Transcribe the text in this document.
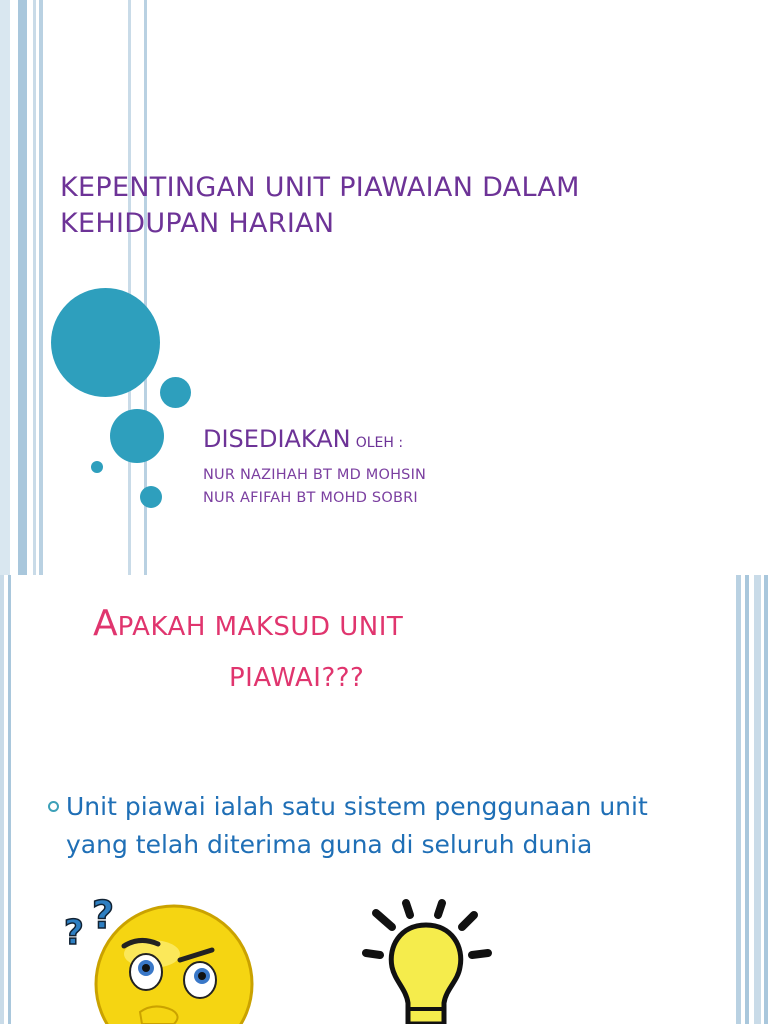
KEPENTINGAN UNIT PIAWAIAN DALAM
KEHIDUPAN HARIAN
DISEDIAKAN OLEH :
NUR NAZIHAH BT MD MOHSIN
NUR AFIFAH BT MOHD SOBRI
APAKAH MAKSUD UNIT
PIAWAI???
Unit piawai ialah satu sistem penggunaan unit
yang telah diterima guna di seluruh dunia
? ?
